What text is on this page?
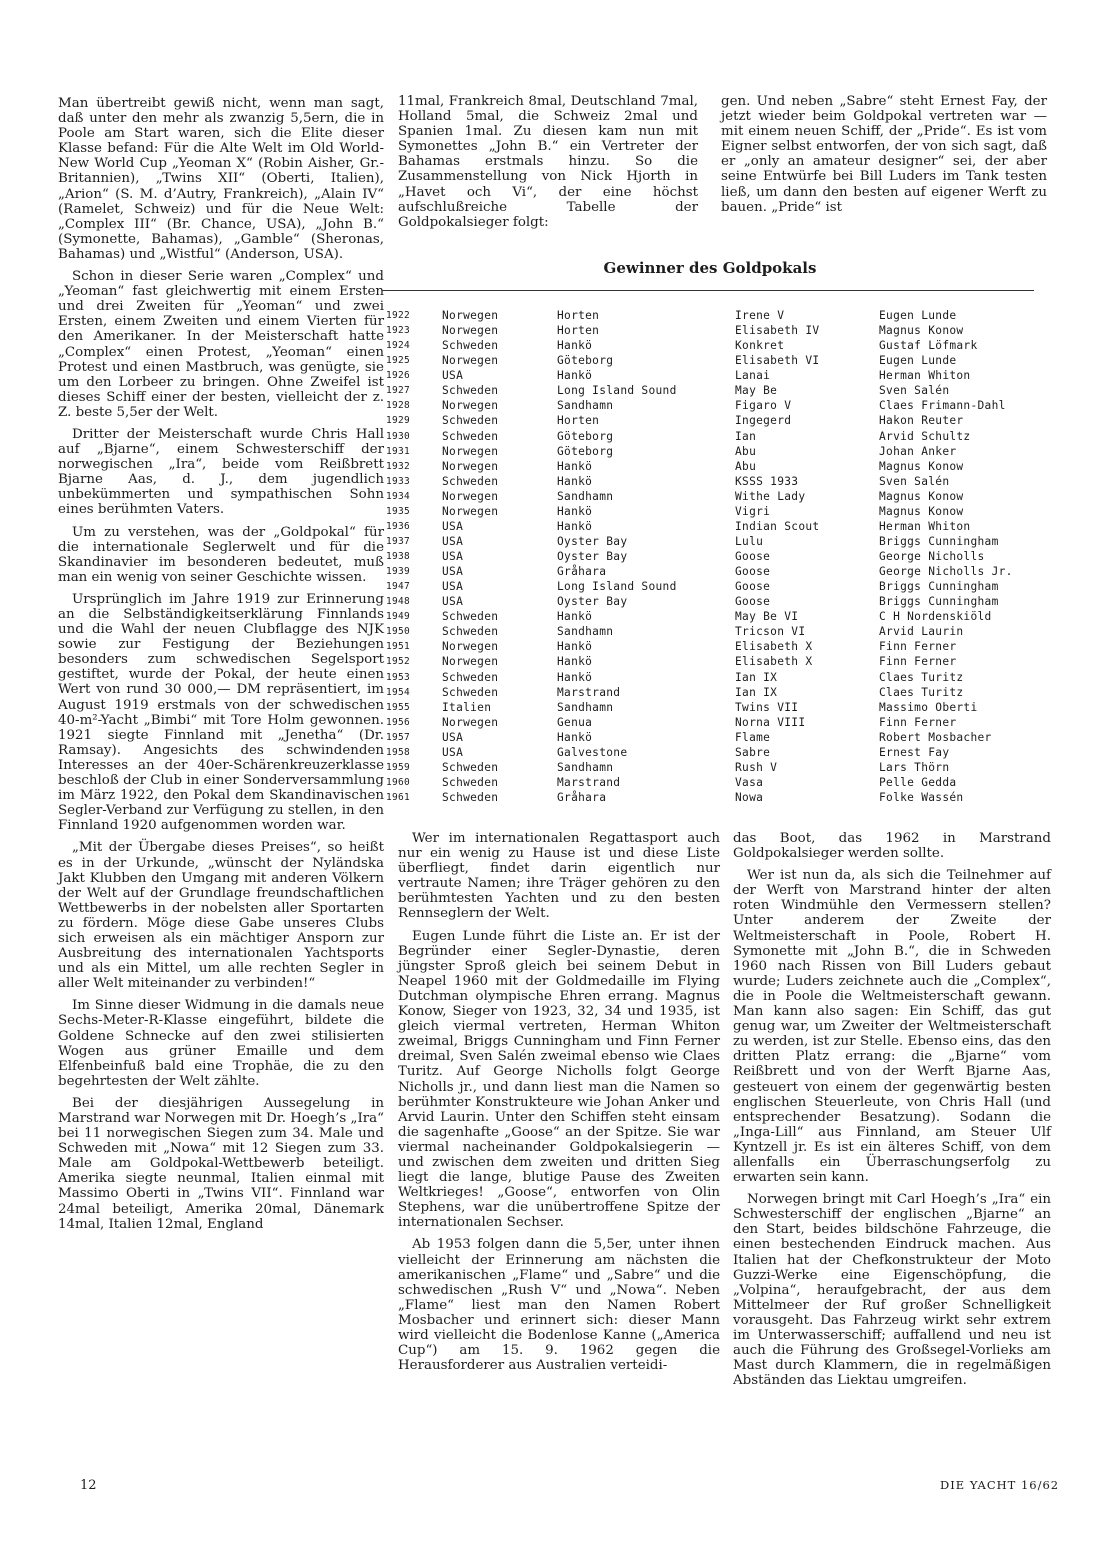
Man übertreibt gewiß nicht, wenn man sagt, daß unter den mehr als zwanzig 5,5ern, die in Poole am Start waren, sich die Elite dieser Klasse befand: Für die Alte Welt im Old World-New World Cup „Yeoman X“ (Robin Aisher, Gr.-Britannien), „Twins XII“ (Oberti, Italien), „Arion“ (S. M. d’Autry, Frankreich), „Alain IV“ (Ramelet, Schweiz) und für die Neue Welt: „Complex III“ (Br. Chance, USA), „John B.“ (Symonette, Bahamas), „Gamble“ (Sheronas, Bahamas) und „Wistful“ (Anderson, USA).

Schon in dieser Serie waren „Complex“ und „Yeoman“ fast gleichwertig mit einem Ersten und drei Zweiten für „Yeoman“ und zwei Ersten, einem Zweiten und einem Vierten für den Amerikaner. In der Meisterschaft hatte „Complex“ einen Protest, „Yeoman“ einen Protest und einen Mastbruch, was genügte, sie um den Lorbeer zu bringen. Ohne Zweifel ist dieses Schiff einer der besten, vielleicht der z. Z. beste 5,5er der Welt.

Dritter der Meisterschaft wurde Chris Hall auf „Bjarne“, einem Schwesterschiff der norwegischen „Ira“, beide vom Reißbrett Bjarne Aas, d. J., dem jugendlich unbekümmerten und sympathischen Sohn eines berühmten Vaters.

Um zu verstehen, was der „Goldpokal“ für die internationale Seglerwelt und für die Skandinavier im besonderen bedeutet, muß man ein wenig von seiner Geschichte wissen.

Ursprünglich im Jahre 1919 zur Erinnerung an die Selbständigkeitserklärung Finnlands und die Wahl der neuen Clubflagge des NJK sowie zur Festigung der Beziehungen besonders zum schwedischen Segelsport gestiftet, wurde der Pokal, der heute einen Wert von rund 30 000,— DM repräsentiert, im August 1919 erstmals von der schwedischen 40-m²-Yacht „Bimbi“ mit Tore Holm gewonnen. 1921 siegte Finnland mit „Jenetha“ (Dr. Ramsay). Angesichts des schwindenden Interesses an der 40er-Schärenkreuzerklasse beschloß der Club in einer Sonderversammlung im März 1922, den Pokal dem Skandinavischen Segler-Verband zur Verfügung zu stellen, in den Finnland 1920 aufgenommen worden war.

„Mit der Übergabe dieses Preises“, so heißt es in der Urkunde, „wünscht der Nyländska Jakt Klubben den Umgang mit anderen Völkern der Welt auf der Grundlage freundschaftlichen Wettbewerbs in der nobelsten aller Sportarten zu fördern. Möge diese Gabe unseres Clubs sich erweisen als ein mächtiger Ansporn zur Ausbreitung des internationalen Yachtsports und als ein Mittel, um alle rechten Segler in aller Welt miteinander zu verbinden!“

Im Sinne dieser Widmung in die damals neue Sechs-Meter-R-Klasse eingeführt, bildete die Goldene Schnecke auf den zwei stilisierten Wogen aus grüner Emaille und dem Elfenbeinfuß bald eine Trophäe, die zu den begehrtesten der Welt zählte.

Bei der diesjährigen Aussegelung in Marstrand war Norwegen mit Dr. Hoegh’s „Ira“ bei 11 norwegischen Siegen zum 34. Male und Schweden mit „Nowa“ mit 12 Siegen zum 33. Male am Goldpokal-Wettbewerb beteiligt. Amerika siegte neunmal, Italien einmal mit Massimo Oberti in „Twins VII“. Finnland war 24mal beteiligt, Amerika 20mal, Dänemark 14mal, Italien 12mal, England

11mal, Frankreich 8mal, Deutschland 7mal, Holland 5mal, die Schweiz 2mal und Spanien 1mal. Zu diesen kam nun mit Symonettes „John B.“ ein Vertreter der Bahamas erstmals hinzu. So die Zusammenstellung von Nick Hjorth in „Havet och Vi“, der eine höchst aufschlußreiche Tabelle der Goldpokalsieger folgt:

gen. Und neben „Sabre“ steht Ernest Fay, der jetzt wieder beim Goldpokal vertreten war — mit einem neuen Schiff, der „Pride“. Es ist vom Eigner selbst entworfen, der von sich sagt, daß er „only an amateur designer“ sei, der aber seine Entwürfe bei Bill Luders im Tank testen ließ, um dann den besten auf eigener Werft zu bauen. „Pride“ ist

Gewinner des Goldpokals
1922	Norwegen	Horten	Irene V	Eugen Lunde
1923	Norwegen	Horten	Elisabeth IV	Magnus Konow
1924	Schweden	Hankö	Konkret	Gustaf Löfmark
1925	Norwegen	Göteborg	Elisabeth VI	Eugen Lunde
1926	USA	Hankö	Lanai	Herman Whiton
1927	Schweden	Long Island Sound	May Be	Sven Salén
1928	Norwegen	Sandhamn	Figaro V	Claes Frimann-Dahl
1929	Schweden	Horten	Ingegerd	Hakon Reuter
1930	Schweden	Göteborg	Ian	Arvid Schultz
1931	Norwegen	Göteborg	Abu	Johan Anker
1932	Norwegen	Hankö	Abu	Magnus Konow
1933	Schweden	Hankö	KSSS 1933	Sven Salén
1934	Norwegen	Sandhamn	Withe Lady	Magnus Konow
1935	Norwegen	Hankö	Vigri	Magnus Konow
1936	USA	Hankö	Indian Scout	Herman Whiton
1937	USA	Oyster Bay	Lulu	Briggs Cunningham
1938	USA	Oyster Bay	Goose	George Nicholls
1939	USA	Gråhara	Goose	George Nicholls Jr.
1947	USA	Long Island Sound	Goose	Briggs Cunningham
1948	USA	Oyster Bay	Goose	Briggs Cunningham
1949	Schweden	Hankö	May Be VI	C H Nordenskiöld
1950	Schweden	Sandhamn	Tricson VI	Arvid Laurin
1951	Norwegen	Hankö	Elisabeth X	Finn Ferner
1952	Norwegen	Hankö	Elisabeth X	Finn Ferner
1953	Schweden	Hankö	Ian IX	Claes Turitz
1954	Schweden	Marstrand	Ian IX	Claes Turitz
1955	Italien	Sandhamn	Twins VII	Massimo Oberti
1956	Norwegen	Genua	Norna VIII	Finn Ferner
1957	USA	Hankö	Flame	Robert Mosbacher
1958	USA	Galvestone	Sabre	Ernest Fay
1959	Schweden	Sandhamn	Rush V	Lars Thörn
1960	Schweden	Marstrand	Vasa	Pelle Gedda
1961	Schweden	Gråhara	Nowa	Folke Wassén

Wer im internationalen Regattasport auch nur ein wenig zu Hause ist und diese Liste überfliegt, findet darin eigentlich nur vertraute Namen; ihre Träger gehören zu den berühmtesten Yachten und zu den besten Rennseglern der Welt.

Eugen Lunde führt die Liste an. Er ist der Begründer einer Segler-Dynastie, deren jüngster Sproß gleich bei seinem Debut in Neapel 1960 mit der Goldmedaille im Flying Dutchman olympische Ehren errang. Magnus Konow, Sieger von 1923, 32, 34 und 1935, ist gleich viermal vertreten, Herman Whiton zweimal, Briggs Cunningham und Finn Ferner dreimal, Sven Salén zweimal ebenso wie Claes Turitz. Auf George Nicholls folgt George Nicholls jr., und dann liest man die Namen so berühmter Konstrukteure wie Johan Anker und Arvid Laurin. Unter den Schiffen steht einsam die sagenhafte „Goose“ an der Spitze. Sie war viermal nacheinander Goldpokalsiegerin — und zwischen dem zweiten und dritten Sieg liegt die lange, blutige Pause des Zweiten Weltkrieges! „Goose“, entworfen von Olin Stephens, war die unübertroffene Spitze der internationalen Sechser.

Ab 1953 folgen dann die 5,5er, unter ihnen vielleicht der Erinnerung am nächsten die amerikanischen „Flame“ und „Sabre“ und die schwedischen „Rush V“ und „Nowa“. Neben „Flame“ liest man den Namen Robert Mosbacher und erinnert sich: dieser Mann wird vielleicht die Bodenlose Kanne („America Cup“) am 15. 9. 1962 gegen die Herausforderer aus Australien verteidi-

das Boot, das 1962 in Marstrand Goldpokalsieger werden sollte.

Wer ist nun da, als sich die Teilnehmer auf der Werft von Marstrand hinter der alten roten Windmühle den Vermessern stellen? Unter anderem der Zweite der Weltmeisterschaft in Poole, Robert H. Symonette mit „John B.“, die in Schweden 1960 nach Rissen von Bill Luders gebaut wurde; Luders zeichnete auch die „Complex“, die in Poole die Weltmeisterschaft gewann. Man kann also sagen: Ein Schiff, das gut genug war, um Zweiter der Weltmeisterschaft zu werden, ist zur Stelle. Ebenso eins, das den dritten Platz errang: die „Bjarne“ vom Reißbrett und von der Werft Bjarne Aas, gesteuert von einem der gegenwärtig besten englischen Steuerleute, von Chris Hall (und entsprechender Besatzung). Sodann die „Inga-Lill“ aus Finnland, am Steuer Ulf Kyntzell jr. Es ist ein älteres Schiff, von dem allenfalls ein Überraschungserfolg zu erwarten sein kann.

Norwegen bringt mit Carl Hoegh’s „Ira“ ein Schwesterschiff der englischen „Bjarne“ an den Start, beides bildschöne Fahrzeuge, die einen bestechenden Eindruck machen. Aus Italien hat der Chefkonstrukteur der Moto Guzzi-Werke eine Eigenschöpfung, die „Volpina“, heraufgebracht, der aus dem Mittelmeer der Ruf großer Schnelligkeit vorausgeht. Das Fahrzeug wirkt sehr extrem im Unterwasserschiff; auffallend und neu ist auch die Führung des Großsegel-Vorlieks am Mast durch Klammern, die in regelmäßigen Abständen das Liektau umgreifen.

12	DIE YACHT 16/62
